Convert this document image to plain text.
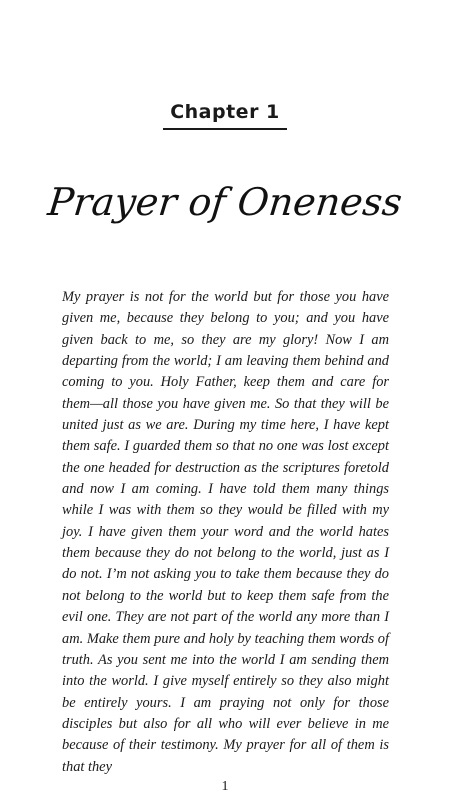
Chapter 1
Prayer of Oneness

My prayer is not for the world but for those you have given me, because they belong to you; and you have given back to me, so they are my glory! Now I am departing from the world; I am leaving them behind and coming to you. Holy Father, keep them and care for them—all those you have given me. So that they will be united just as we are. During my time here, I have kept them safe. I guarded them so that no one was lost except the one headed for destruction as the scriptures foretold and now I am coming. I have told them many things while I was with them so they would be filled with my joy. I have given them your word and the world hates them because they do not belong to the world, just as I do not. I’m not asking you to take them because they do not belong to the world but to keep them safe from the evil one. They are not part of the world any more than I am. Make them pure and holy by teaching them words of truth. As you sent me into the world I am sending them into the world. I give myself entirely so they also might be entirely yours. I am praying not only for those disciples but also for all who will ever believe in me because of their testimony. My prayer for all of them is that they

1
